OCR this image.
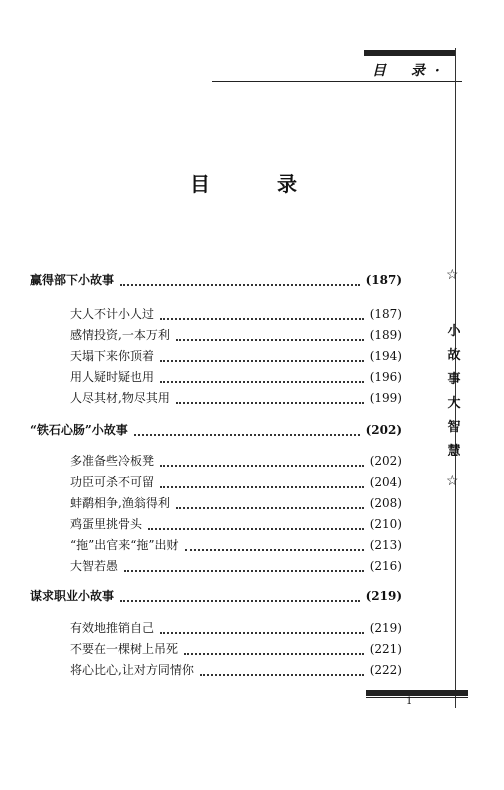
目 录·
☆
小
故
事
大
智
慧
☆
目 录
赢得部下小故事	(187)
大人不计小人过	(187)
感情投资,一本万利	(189)
天塌下来你顶着	(194)
用人疑时疑也用	(196)
人尽其材,物尽其用	(199)
“铁石心肠”小故事	(202)
多准备些冷板凳	(202)
功臣可杀不可留	(204)
蚌鹬相争,渔翁得利	(208)
鸡蛋里挑骨头	(210)
“拖”出官来“拖”出财	(213)
大智若愚	(216)
谋求职业小故事	(219)
有效地推销自己	(219)
不要在一棵树上吊死	(221)
将心比心,让对方同情你	(222)
1
